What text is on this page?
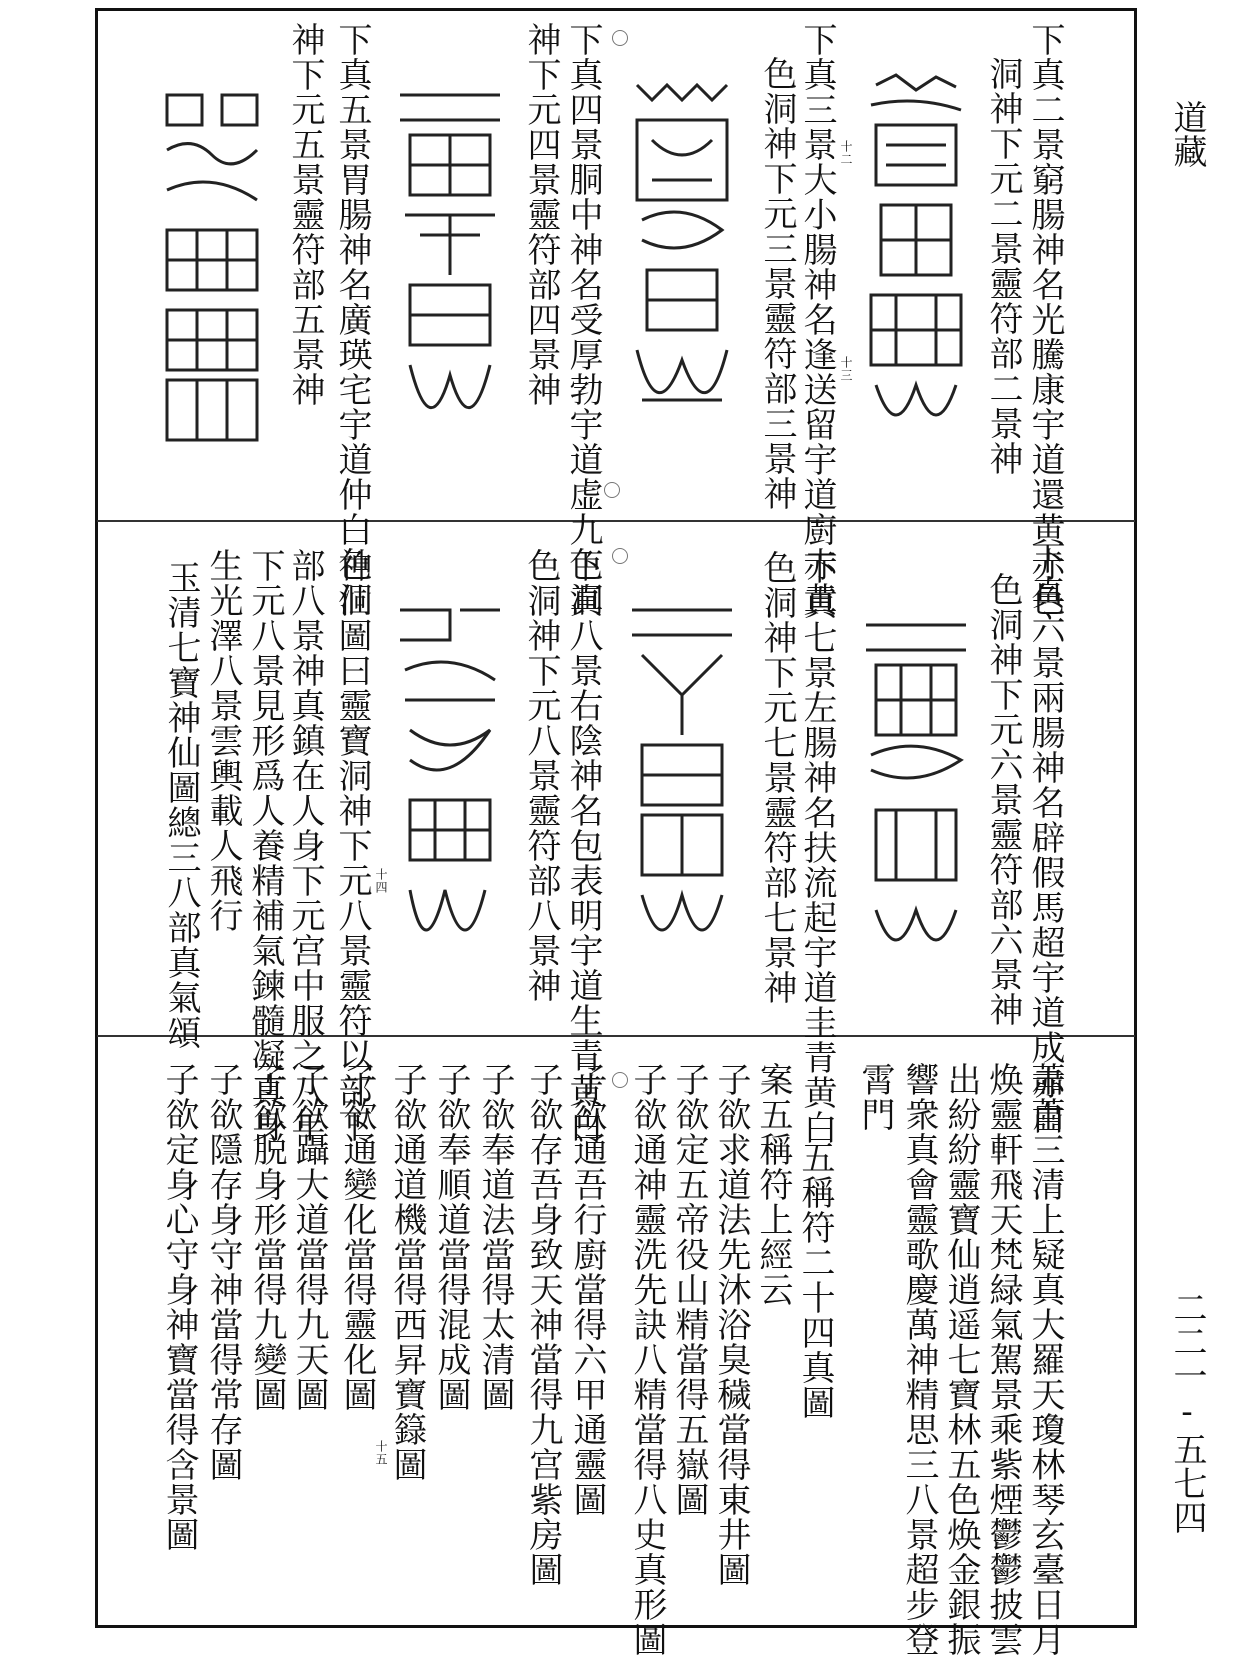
道藏
二二一-五七四
下真二景窮腸神名光騰康宇道還黄赤色
洞神下元二景靈符部二景神
下真三景大小腸神名逢送留宇道廚赤黄
色洞神下元三景靈符部三景神
下真四景胴中神名受厚勃宇道虚九色洞
神下元四景靈符部四景神
下真五景胃腸神名廣瑛宅宇道仲白色洞
神下元五景靈符部五景神	十二
十三
下真六景兩腸神名辟假馬超宇道成赤白
色洞神下元六景靈符部六景神
下真七景左腸神名扶流起宇道圭青黄白
色洞神下元七景靈符部七景神
下真八景右陰神名包表明宇道生青黄白
色洞神下元八景靈符部八景神
神仙圖曰靈寶洞神下元八景靈符以部下
部八景神真鎮在人身下元宫中服之八年
下元八景見形爲人養精補氣鍊髓凝真身
生光澤八景雲輿載人飛行
玉清七寶神仙圖總三八部真氣頌	十四
蕭蕭三清上疑真大羅天瓊林琴玄臺日月
焕靈軒飛天梵緑氣駕景乘紫煙鬱鬱披雲
出紛紛靈寶仙逍遥七寶林五色焕金銀振
響衆真會靈歌慶萬神精思三八景超步登
霄門
五稱符二十四真圖
案五稱符上經云
子欲求道法先沐浴臭穢當得東井圖
子欲定五帝役山精當得五嶽圖
子欲通神靈洗先訣八精當得八史真形圖
子欲通吾行廚當得六甲通靈圖
子欲存吾身致天神當得九宫紫房圖
子欲奉道法當得太清圖
子欲奉順道當得混成圖
子欲通道機當得西昇寶籙圖
子欲通變化當得靈化圖
子欲躡大道當得九天圖
子欲脱身形當得九變圖
子欲隱存身守神當得常存圖
子欲定身心守身神寶當得含景圖	十五
